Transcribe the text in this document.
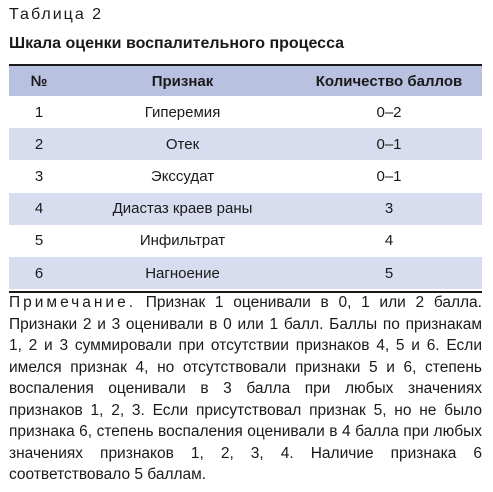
Таблица 2
Шкала оценки воспалительного процесса
№	Признак	Количество баллов
1	Гиперемия	0–2
2	Отек	0–1
3	Экссудат	0–1
4	Диастаз краев раны	3
5	Инфильтрат	4
6	Нагноение	5

Примечание. Признак 1 оценивали в 0, 1 или 2 балла. Признаки 2 и 3 оценивали в 0 или 1 балл. Баллы по признакам 1, 2 и 3 суммировали при отсутствии признаков 4, 5 и 6. Если имелся признак 4, но отсутствовали признаки 5 и 6, степень воспаления оценивали в 3 балла при любых значениях признаков 1, 2, 3. Если присутствовал признак 5, но не было признака 6, степень воспаления оценивали в 4 балла при любых значениях признаков 1, 2, 3, 4. Наличие признака 6 соответствовало 5 баллам.
